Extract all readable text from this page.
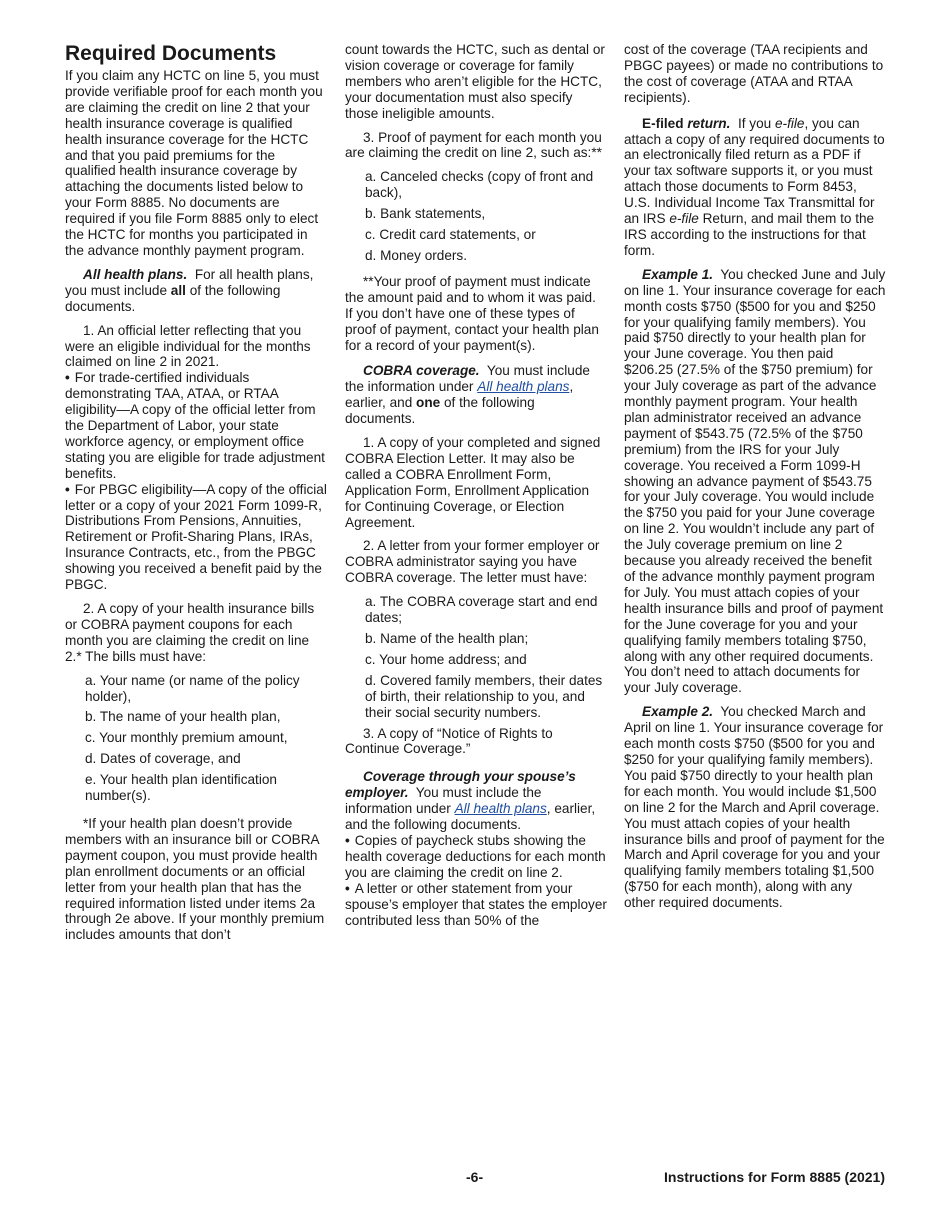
Required Documents

If you claim any HCTC on line 5, you must provide verifiable proof for each month you are claiming the credit on line 2 that your health insurance coverage is qualified health insurance coverage for the HCTC and that you paid premiums for the qualified health insurance coverage by attaching the documents listed below to your Form 8885. No documents are required if you file Form 8885 only to elect the HCTC for months you participated in the advance monthly payment program.

All health plans. For all health plans, you must include all of the following documents.

1. An official letter reflecting that you were an eligible individual for the months claimed on line 2 in 2021.

• For trade-certified individuals demonstrating TAA, ATAA, or RTAA eligibility—A copy of the official letter from the Department of Labor, your state workforce agency, or employment office stating you are eligible for trade adjustment benefits.

• For PBGC eligibility—A copy of the official letter or a copy of your 2021 Form 1099-R, Distributions From Pensions, Annuities, Retirement or Profit-Sharing Plans, IRAs, Insurance Contracts, etc., from the PBGC showing you received a benefit paid by the PBGC.

2. A copy of your health insurance bills or COBRA payment coupons for each month you are claiming the credit on line 2.* The bills must have:

a. Your name (or name of the policy holder),

b. The name of your health plan,

c. Your monthly premium amount,

d. Dates of coverage, and

e. Your health plan identification number(s).

*If your health plan doesn’t provide members with an insurance bill or COBRA payment coupon, you must provide health plan enrollment documents or an official letter from your health plan that has the required information listed under items 2a through 2e above. If your monthly premium includes amounts that don’t

count towards the HCTC, such as dental or vision coverage or coverage for family members who aren’t eligible for the HCTC, your documentation must also specify those ineligible amounts.

3. Proof of payment for each month you are claiming the credit on line 2, such as:**

a. Canceled checks (copy of front and back),

b. Bank statements,

c. Credit card statements, or

d. Money orders.

**Your proof of payment must indicate the amount paid and to whom it was paid. If you don’t have one of these types of proof of payment, contact your health plan for a record of your payment(s).

COBRA coverage. You must include the information under All health plans, earlier, and one of the following documents.

1. A copy of your completed and signed COBRA Election Letter. It may also be called a COBRA Enrollment Form, Application Form, Enrollment Application for Continuing Coverage, or Election Agreement.

2. A letter from your former employer or COBRA administrator saying you have COBRA coverage. The letter must have:

a. The COBRA coverage start and end dates;

b. Name of the health plan;

c. Your home address; and

d. Covered family members, their dates of birth, their relationship to you, and their social security numbers.

3. A copy of “Notice of Rights to Continue Coverage.”

Coverage through your spouse’s employer. You must include the information under All health plans, earlier, and the following documents.

• Copies of paycheck stubs showing the health coverage deductions for each month you are claiming the credit on line 2.

• A letter or other statement from your spouse’s employer that states the employer contributed less than 50% of the

cost of the coverage (TAA recipients and PBGC payees) or made no contributions to the cost of coverage (ATAA and RTAA recipients).

E-filed return. If you e-file, you can attach a copy of any required documents to an electronically filed return as a PDF if your tax software supports it, or you must attach those documents to Form 8453, U.S. Individual Income Tax Transmittal for an IRS e-file Return, and mail them to the IRS according to the instructions for that form.

Example 1. You checked June and July on line 1. Your insurance coverage for each month costs $750 ($500 for you and $250 for your qualifying family members). You paid $750 directly to your health plan for your June coverage. You then paid $206.25 (27.5% of the $750 premium) for your July coverage as part of the advance monthly payment program. Your health plan administrator received an advance payment of $543.75 (72.5% of the $750 premium) from the IRS for your July coverage. You received a Form 1099-H showing an advance payment of $543.75 for your July coverage. You would include the $750 you paid for your June coverage on line 2. You wouldn’t include any part of the July coverage premium on line 2 because you already received the benefit of the advance monthly payment program for July. You must attach copies of your health insurance bills and proof of payment for the June coverage for you and your qualifying family members totaling $750, along with any other required documents. You don’t need to attach documents for your July coverage.

Example 2. You checked March and April on line 1. Your insurance coverage for each month costs $750 ($500 for you and $250 for your qualifying family members). You paid $750 directly to your health plan for each month. You would include $1,500 on line 2 for the March and April coverage. You must attach copies of your health insurance bills and proof of payment for the March and April coverage for you and your qualifying family members totaling $1,500 ($750 for each month), along with any other required documents.

-6-	Instructions for Form 8885 (2021)
